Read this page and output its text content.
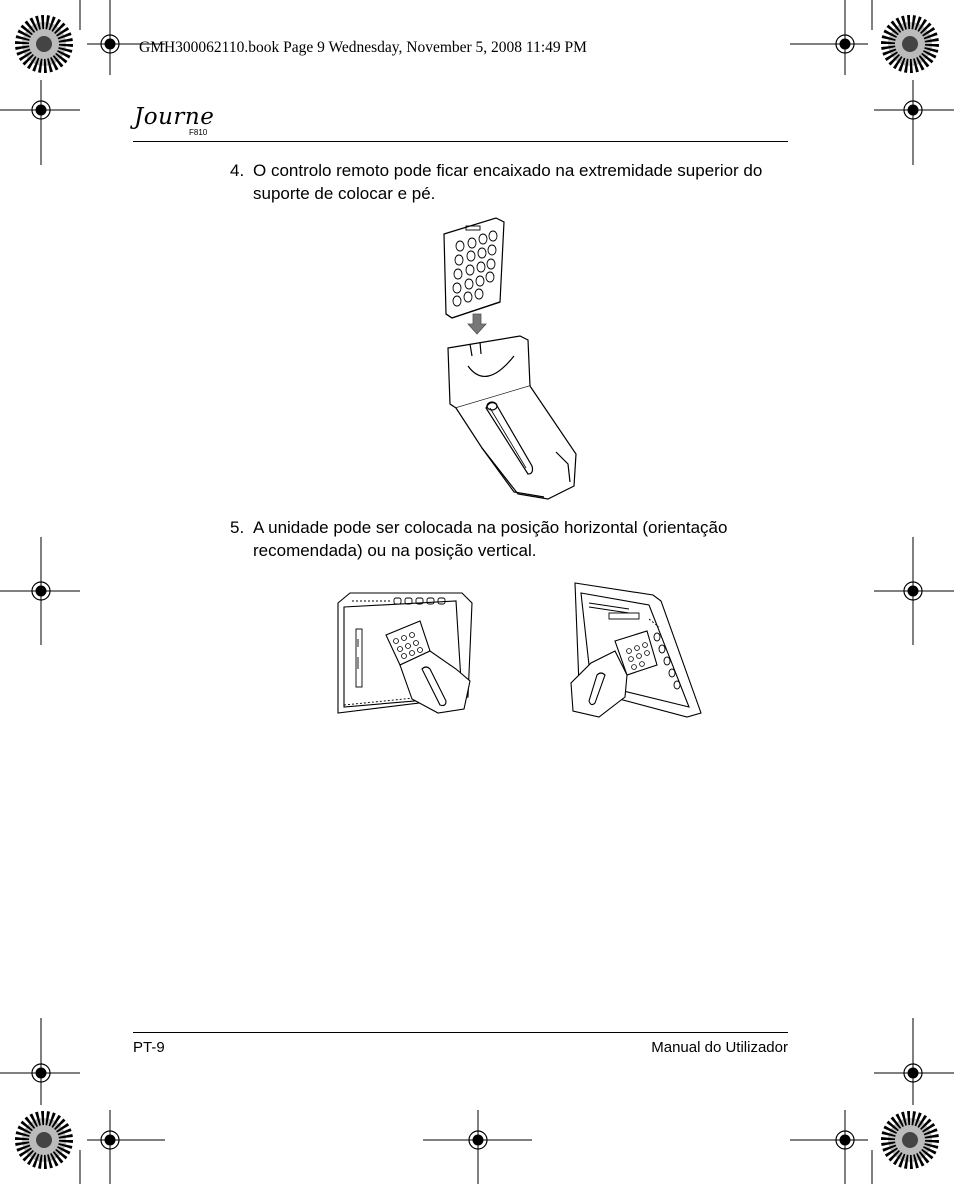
GMH300062110.book Page 9 Wednesday, November 5, 2008 11:49 PM
Journe
F810
4. O controlo remoto pode ficar encaixado na extremidade superior do suporte de colocar e pé.
5. A unidade pode ser colocada na posição horizontal (orientação recomendada) ou na posição vertical.
PT-9	Manual do Utilizador
